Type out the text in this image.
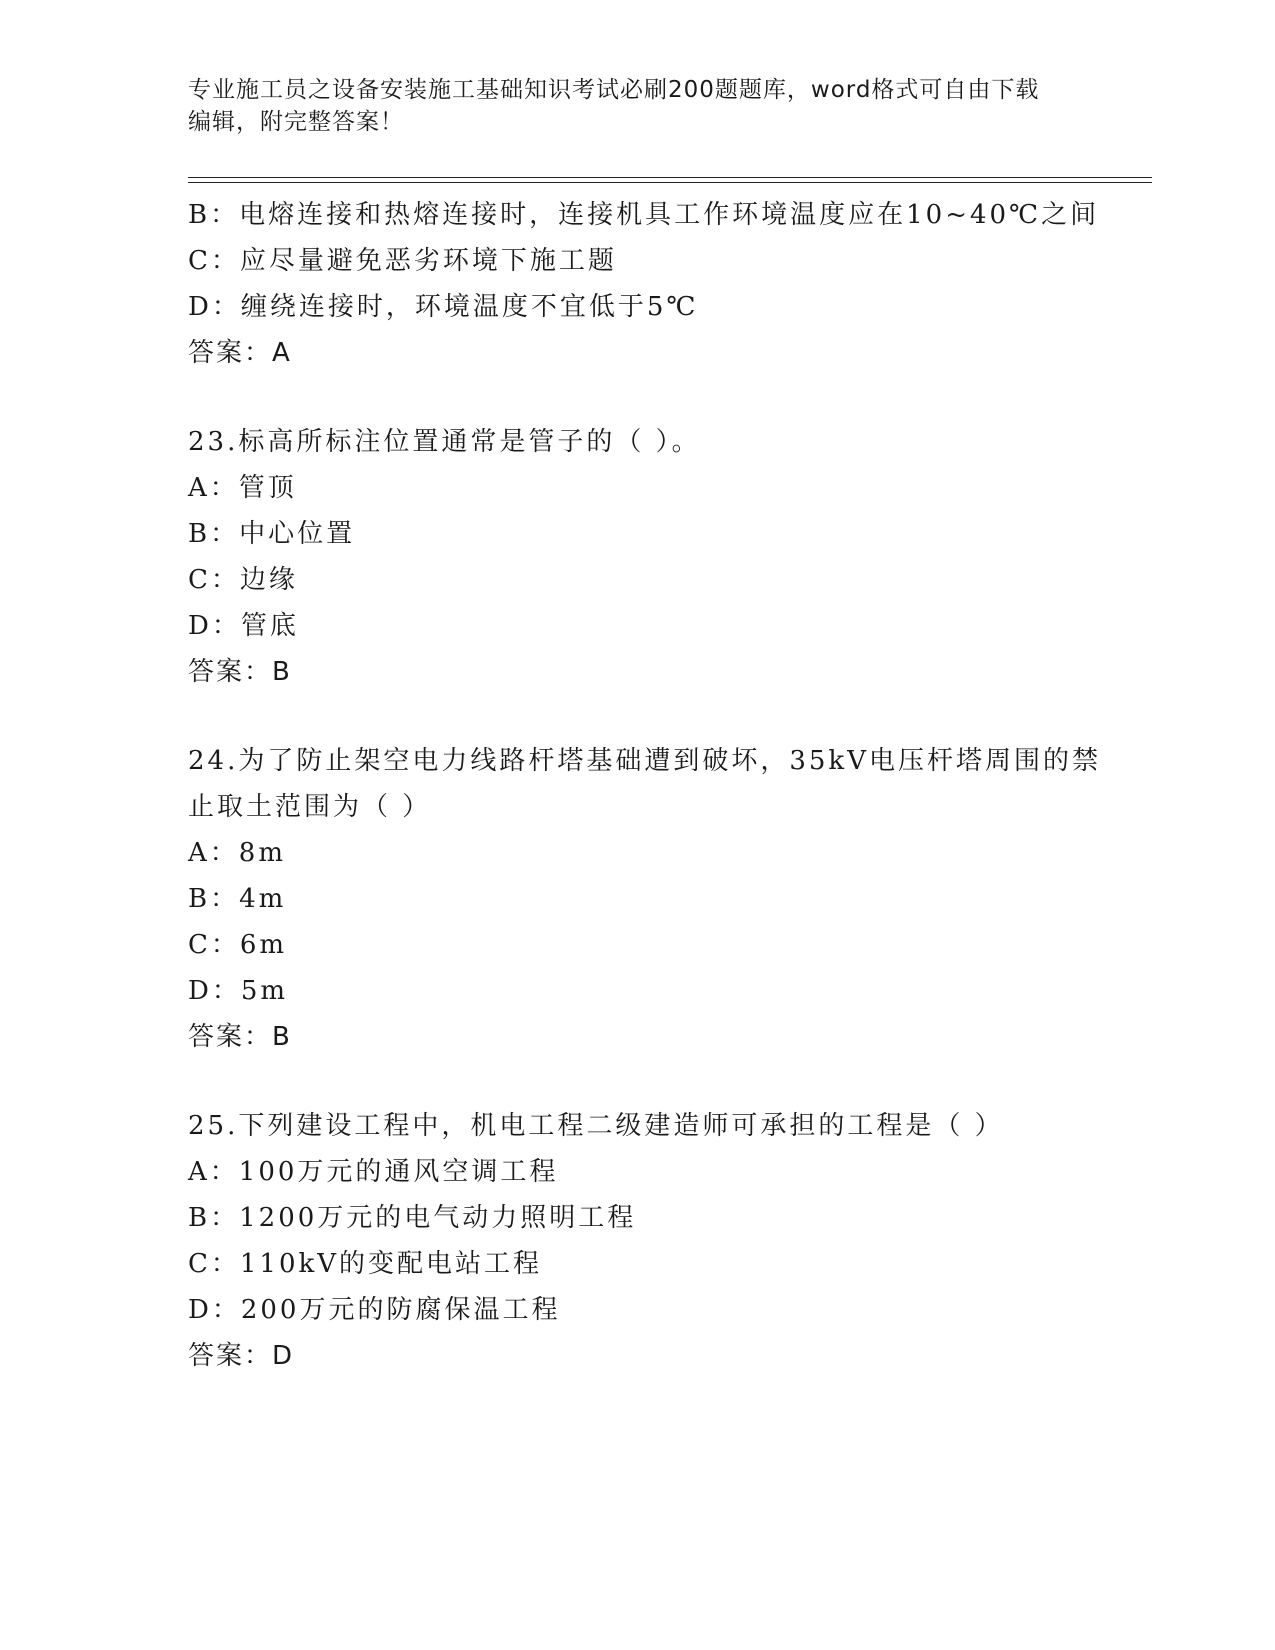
专业施工员之设备安装施工基础知识考试必刷200题题库，word格式可自由下载
编辑，附完整答案！
B：电熔连接和热熔连接时，连接机具工作环境温度应在10~40℃之间
C：应尽量避免恶劣环境下施工题
D：缠绕连接时，环境温度不宜低于5℃
答案：A
23.标高所标注位置通常是管子的（ ）。
A：管顶
B：中心位置
C：边缘
D：管底
答案：B
24.为了防止架空电力线路杆塔基础遭到破坏，35kV电压杆塔周围的禁
止取土范围为（ ）
A：8m
B：4m
C：6m
D：5m
答案：B
25.下列建设工程中，机电工程二级建造师可承担的工程是（ ）
A：100万元的通风空调工程
B：1200万元的电气动力照明工程
C：110kV的变配电站工程
D：200万元的防腐保温工程
答案：D
